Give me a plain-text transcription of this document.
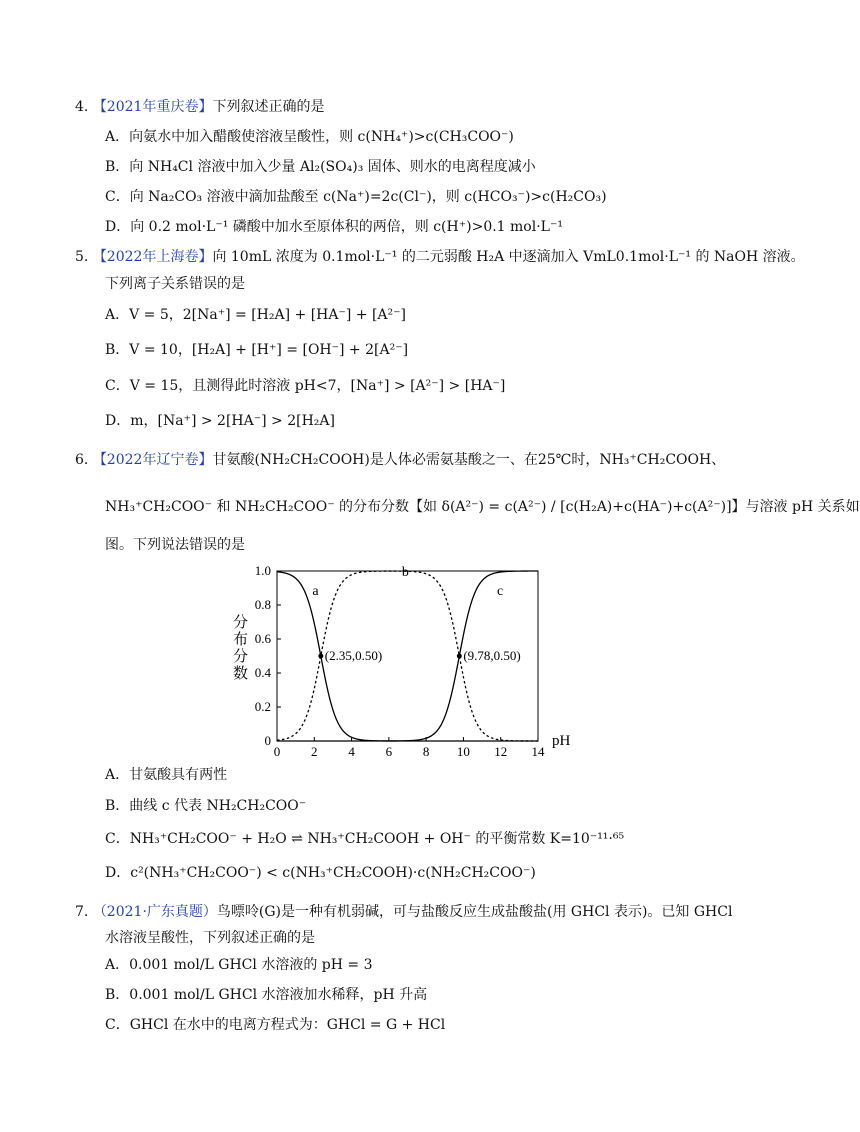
4. 【2021年重庆卷】下列叙述正确的是
A．向氨水中加入醋酸使溶液呈酸性，则 c(NH₄⁺)>c(CH₃COO⁻)
B．向 NH₄Cl 溶液中加入少量 Al₂(SO₄)₃ 固体、则水的电离程度减小
C．向 Na₂CO₃ 溶液中滴加盐酸至 c(Na⁺)=2c(Cl⁻)，则 c(HCO₃⁻)>c(H₂CO₃)
D．向 0.2 mol·L⁻¹ 磷酸中加水至原体积的两倍，则 c(H⁺)>0.1 mol·L⁻¹
5. 【2022年上海卷】向 10mL 浓度为 0.1mol·L⁻¹ 的二元弱酸 H₂A 中逐滴加入 VmL0.1mol·L⁻¹ 的 NaOH 溶液。
下列离子关系错误的是
A．V = 5，2[Na⁺] = [H₂A] + [HA⁻] + [A²⁻]
B．V = 10，[H₂A] + [H⁺] = [OH⁻] + 2[A²⁻]
C．V = 15，且测得此时溶液 pH<7，[Na⁺] > [A²⁻] > [HA⁻]
D．m，[Na⁺] > 2[HA⁻] > 2[H₂A]
6. 【2022年辽宁卷】甘氨酸(NH₂CH₂COOH)是人体必需氨基酸之一、在25℃时，NH₃⁺CH₂COOH、
NH₃⁺CH₂COO⁻ 和 NH₂CH₂COO⁻ 的分布分数【如 δ(A²⁻) = c(A²⁻) / [c(H₂A)+c(HA⁻)+c(A²⁻)]】与溶液 pH 关系如
图。下列说法错误的是
0 2 4 6 8 10 12 14
0
0.2
0.4
0.6
0.8
1.0
pH
分
布
分
数
a
b
c
(2.35,0.50)	(9.78,0.50)
A．甘氨酸具有两性
B．曲线 c 代表 NH₂CH₂COO⁻
C．NH₃⁺CH₂COO⁻ + H₂O ⇌ NH₃⁺CH₂COOH + OH⁻ 的平衡常数 K=10⁻¹¹·⁶⁵
D．c²(NH₃⁺CH₂COO⁻) < c(NH₃⁺CH₂COOH)·c(NH₂CH₂COO⁻)
7. （2021·广东真题）鸟嘌呤(G)是一种有机弱碱，可与盐酸反应生成盐酸盐(用 GHCl 表示)。已知 GHCl
水溶液呈酸性，下列叙述正确的是
A．0.001 mol/L GHCl 水溶液的 pH = 3
B．0.001 mol/L GHCl 水溶液加水稀释，pH 升高
C．GHCl 在水中的电离方程式为：GHCl = G + HCl
